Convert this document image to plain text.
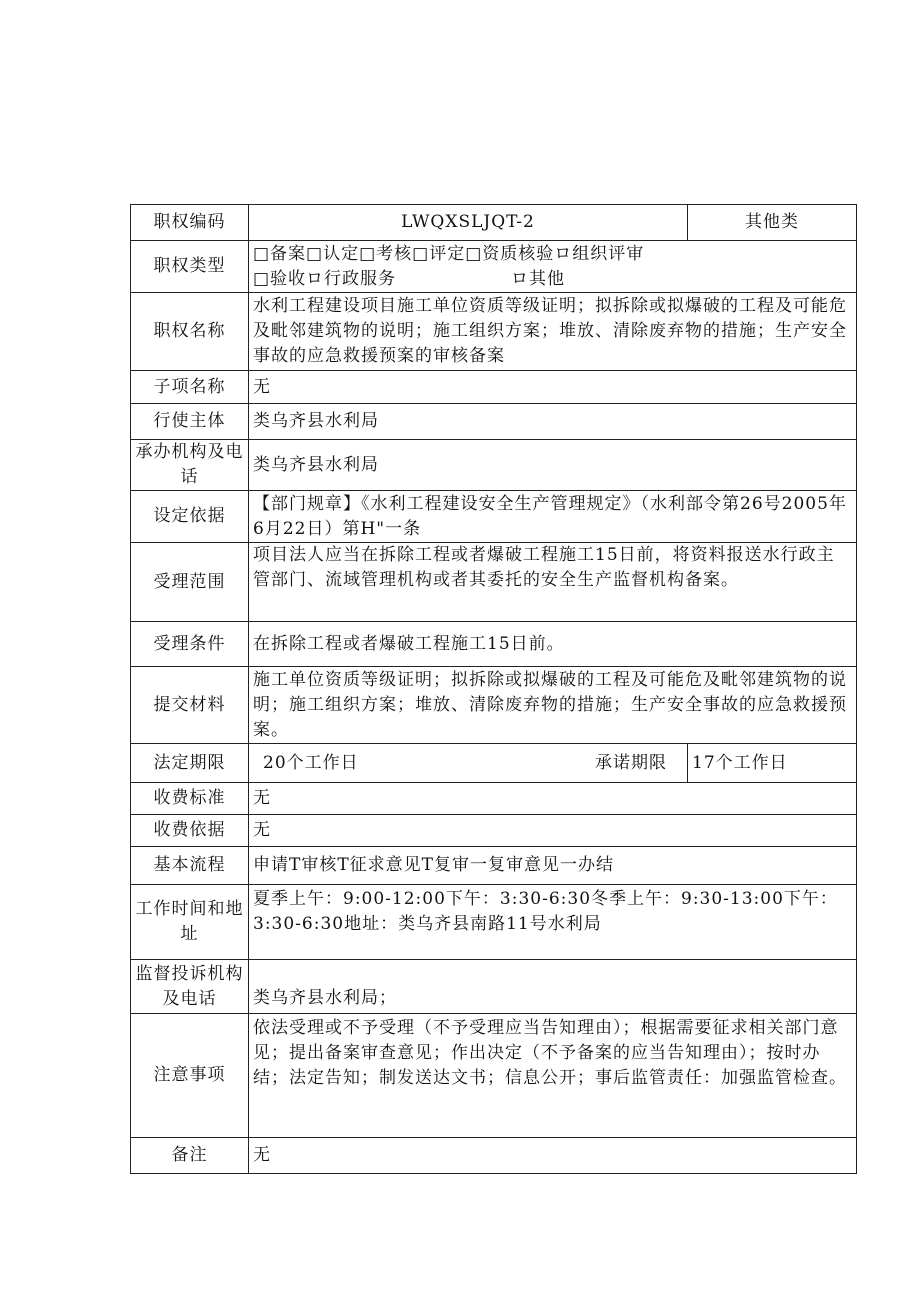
职权编码	LWQXSLJQT-2	其他类
职权类型	□备案□认定□考核□评定□资质核验ロ组织评审
□验收ロ行政服务 ロ其他	

职权名称	水利工程建设项目施工单位资质等级证明；拟拆除或拟爆破的工程及可能危及毗邻建筑物的说明；施工组织方案；堆放、清除废弃物的措施；生产安全事故的应急救援预案的审核备案	
子项名称	无	
行使主体	类乌齐县水利局	
承办机构及电话	类乌齐县水利局	
设定依据	【部门规章】《水利工程建设安全生产管理规定》（水利部令第26号2005年6月22日）第H"一条	
受理范围	项目法人应当在拆除工程或者爆破工程施工15日前，将资料报送水行政主管部门、流域管理机构或者其委托的安全生产监督机构备案。	
受理条件	在拆除工程或者爆破工程施工15日前。	
提交材料	施工单位资质等级证明；拟拆除或拟爆破的工程及可能危及毗邻建筑物的说明；施工组织方案；堆放、清除废弃物的措施；生产安全事故的应急救援预案。	
法定期限	20个工作日 承诺期限	17个工作日
收费标准	无	
收费依据	无	
基本流程	申请T审核T征求意见T复审一复审意见一办结	
工作时间和地址	夏季上午：9:00-12:00下午：3:30-6:30冬季上午：9:30-13:00下午：3:30-6:30地址：类乌齐县南路11号水利局	
监督投诉机构及电话	类乌齐县水利局；	
注意事项	依法受理或不予受理（不予受理应当告知理由）；根据需要征求相关部门意见；提出备案审查意见；作出决定（不予备案的应当告知理由）；按时办结；法定告知；制发送达文书；信息公开；事后监管责任：加强监管检查。	
备注	无	
